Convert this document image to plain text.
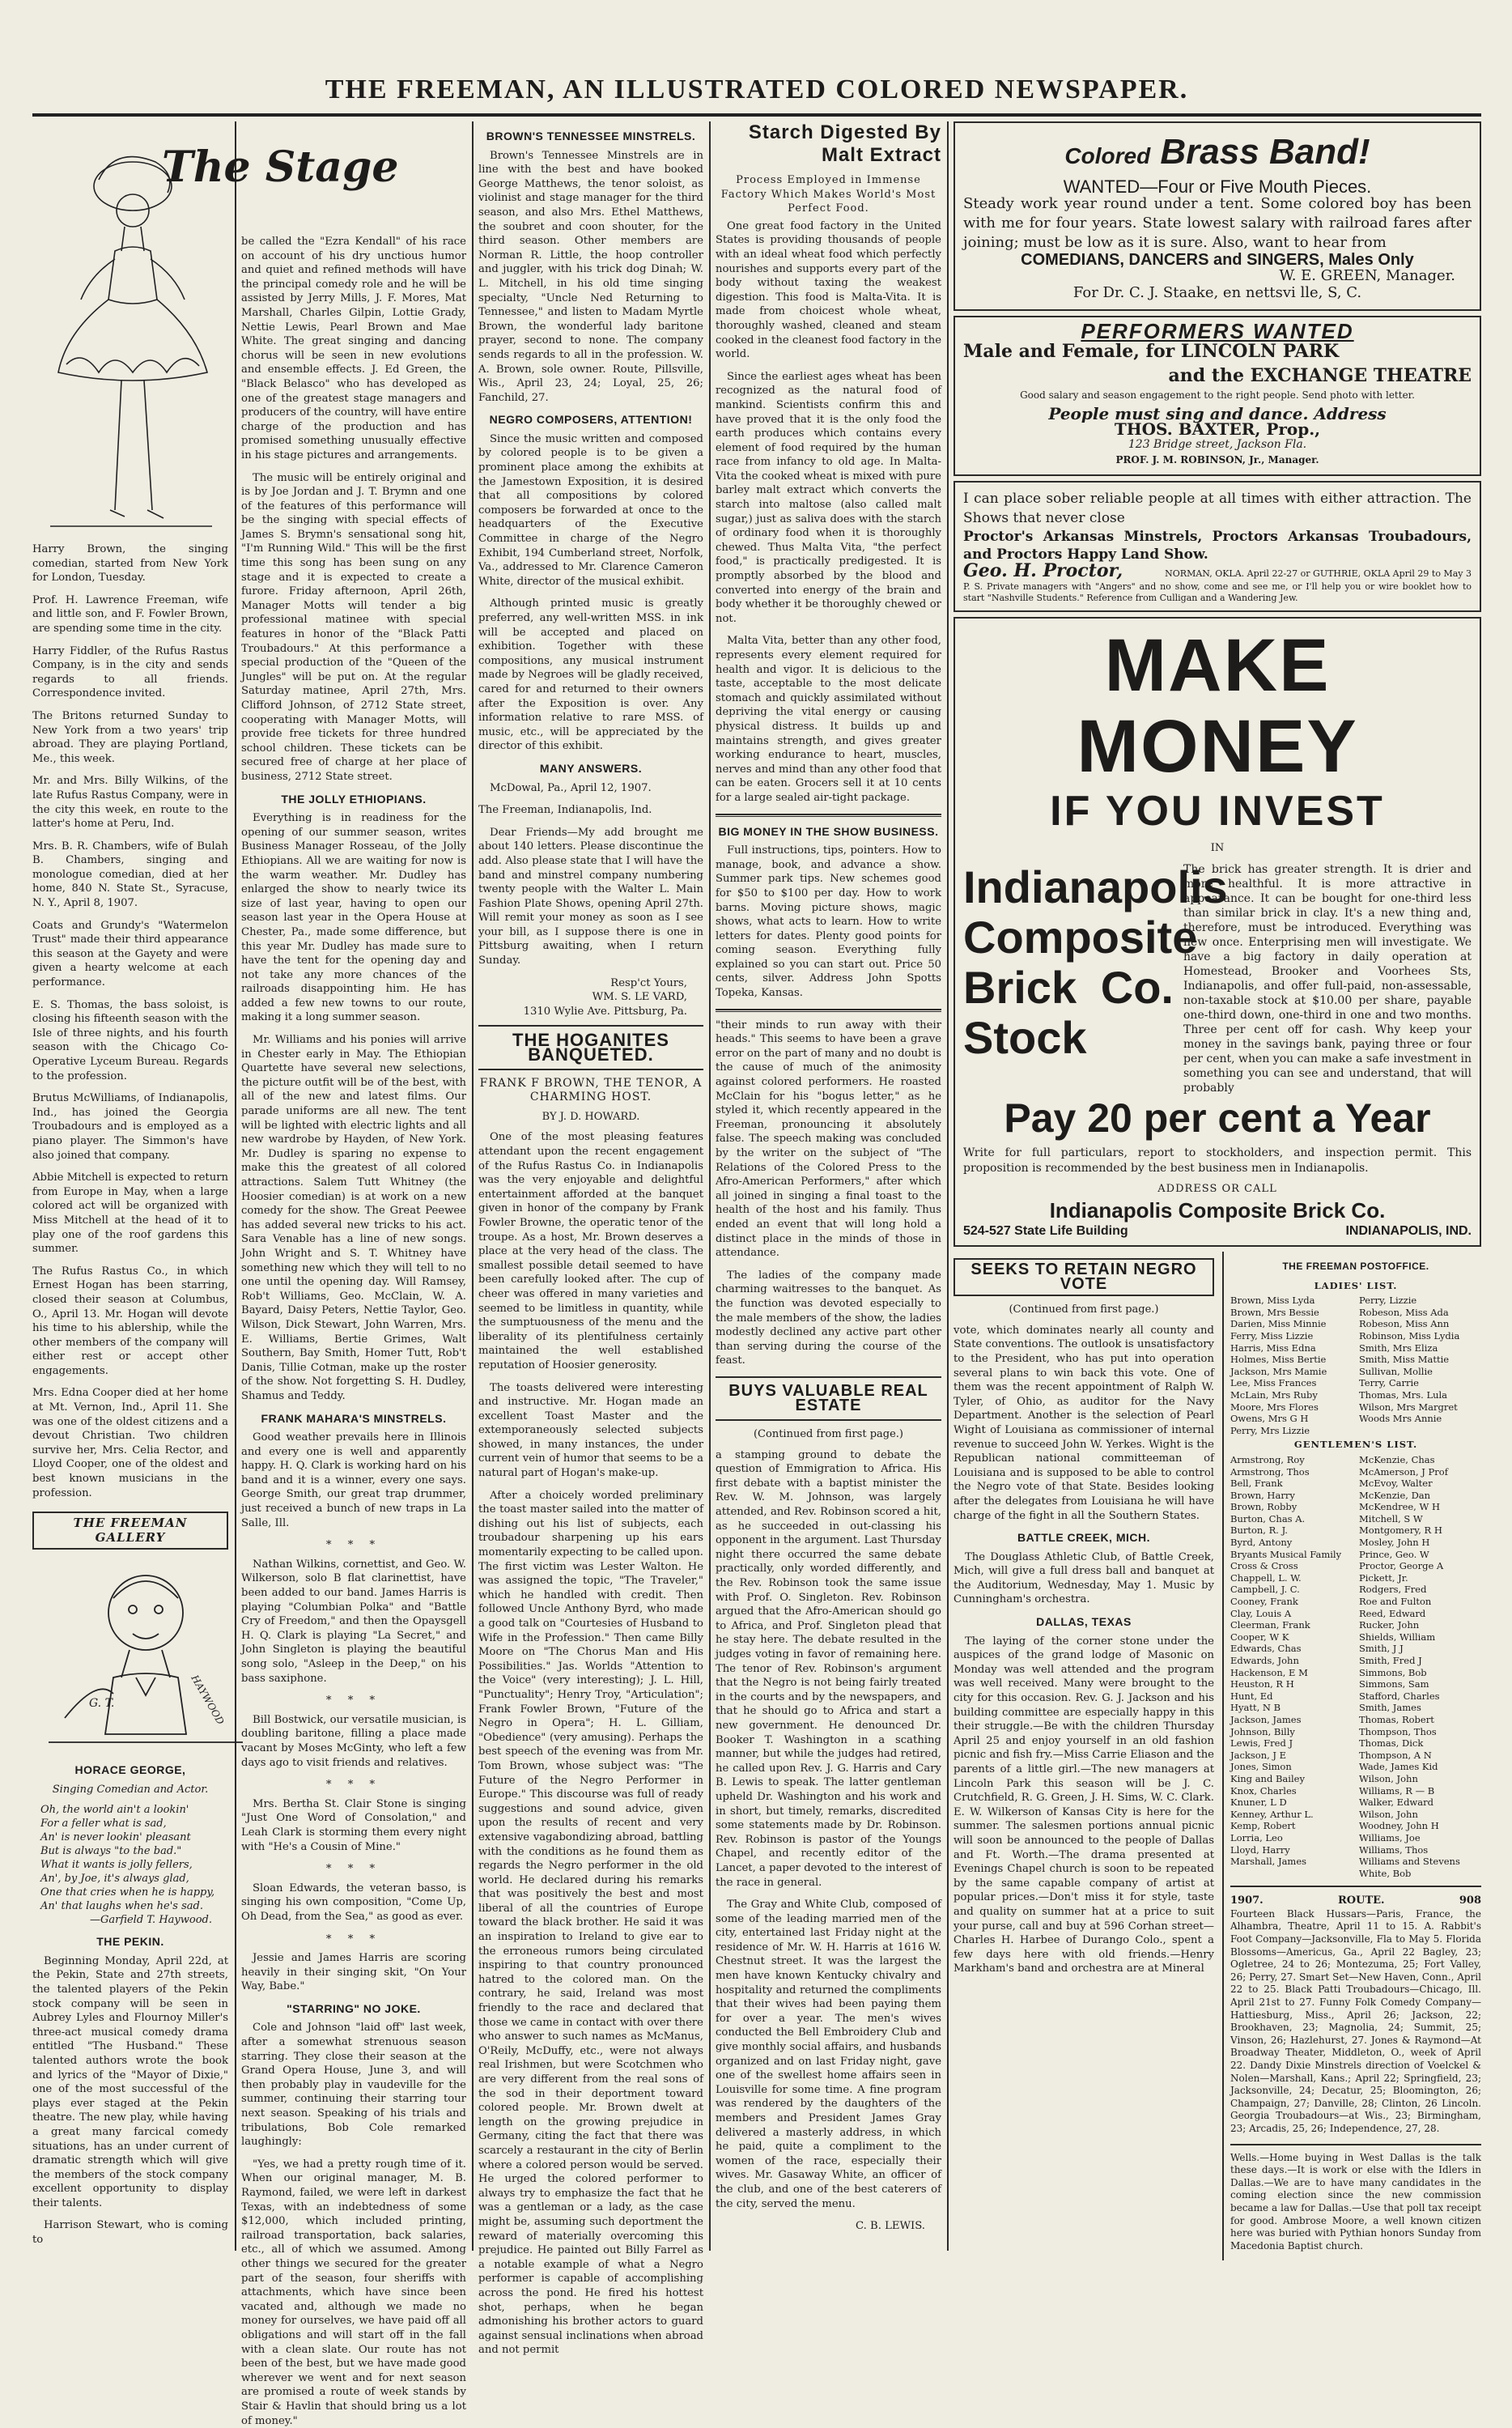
THE FREEMAN, AN ILLUSTRATED COLORED NEWSPAPER.
The Stage

Harry Brown, the singing comedian, started from New York for London, Tuesday.

Prof. H. Lawrence Freeman, wife and little son, and F. Fowler Brown, are spending some time in the city.

Harry Fiddler, of the Rufus Rastus Company, is in the city and sends regards to all friends. Correspondence invited.

The Britons returned Sunday to New York from a two years' trip abroad. They are playing Portland, Me., this week.

Mr. and Mrs. Billy Wilkins, of the late Rufus Rastus Company, were in the city this week, en route to the latter's home at Peru, Ind.

Mrs. B. R. Chambers, wife of Bulah B. Chambers, singing and monologue comedian, died at her home, 840 N. State St., Syracuse, N. Y., April 8, 1907.

Coats and Grundy's "Watermelon Trust" made their third appearance this season at the Gayety and were given a hearty welcome at each performance.

E. S. Thomas, the bass soloist, is closing his fifteenth season with the Isle of three nights, and his fourth season with the Chicago Co-Operative Lyceum Bureau. Regards to the profession.

Brutus McWilliams, of Indianapolis, Ind., has joined the Georgia Troubadours and is employed as a piano player. The Simmon's have also joined that company.

Abbie Mitchell is expected to return from Europe in May, when a large colored act will be organized with Miss Mitchell at the head of it to play one of the roof gardens this summer.

The Rufus Rastus Co., in which Ernest Hogan has been starring, closed their season at Columbus, O., April 13. Mr. Hogan will devote his time to his ablership, while the other members of the company will either rest or accept other engagements.

Mrs. Edna Cooper died at her home at Mt. Vernon, Ind., April 11. She was one of the oldest citizens and a devout Christian. Two children survive her, Mrs. Celia Rector, and Lloyd Cooper, one of the oldest and best known musicians in the profession.

THE FREEMAN GALLERY
G. T.	HAYWOOD
HORACE GEORGE,
Singing Comedian and Actor.
Oh, the world ain't a lookin'
For a feller what is sad,
An' is never lookin' pleasant
But is always "to the bad."
What it wants is jolly fellers,
An', by Joe, it's always glad,
One that cries when he is happy,
An' that laughs when he's sad.
—Garfield T. Haywood.
THE PEKIN.

Beginning Monday, April 22d, at the Pekin, State and 27th streets, the talented players of the Pekin stock company will be seen in Aubrey Lyles and Flournoy Miller's three-act musical comedy drama entitled "The Husband." These talented authors wrote the book and lyrics of the "Mayor of Dixie," one of the most successful of the plays ever staged at the Pekin theatre. The new play, while having a great many farcical comedy situations, has an under current of dramatic strength which will give the members of the stock company excellent opportunity to display their talents.

Harrison Stewart, who is coming to

be called the "Ezra Kendall" of his race on account of his dry unctious humor and quiet and refined methods will have the principal comedy role and he will be assisted by Jerry Mills, J. F. Mores, Mat Marshall, Charles Gilpin, Lottie Grady, Nettie Lewis, Pearl Brown and Mae White. The great singing and dancing chorus will be seen in new evolutions and ensemble effects. J. Ed Green, the "Black Belasco" who has developed as one of the greatest stage managers and producers of the country, will have entire charge of the production and has promised something unusually effective in his stage pictures and arrangements.

The music will be entirely original and is by Joe Jordan and J. T. Brymn and one of the features of this performance will be the singing with special effects of James S. Brymn's sensational song hit, "I'm Running Wild." This will be the first time this song has been sung on any stage and it is expected to create a furore. Friday afternoon, April 26th, Manager Motts will tender a big professional matinee with special features in honor of the "Black Patti Troubadours." At this performance a special production of the "Queen of the Jungles" will be put on. At the regular Saturday matinee, April 27th, Mrs. Clifford Johnson, of 2712 State street, cooperating with Manager Motts, will provide free tickets for three hundred school children. These tickets can be secured free of charge at her place of business, 2712 State street.

THE JOLLY ETHIOPIANS.

Everything is in readiness for the opening of our summer season, writes Business Manager Rosseau, of the Jolly Ethiopians. All we are waiting for now is the warm weather. Mr. Dudley has enlarged the show to nearly twice its size of last year, having to open our season last year in the Opera House at Chester, Pa., made some difference, but this year Mr. Dudley has made sure to have the tent for the opening day and not take any more chances of the railroads disappointing him. He has added a few new towns to our route, making it a long summer season.

Mr. Williams and his ponies will arrive in Chester early in May. The Ethiopian Quartette have several new selections, the picture outfit will be of the best, with all of the new and latest films. Our parade uniforms are all new. The tent will be lighted with electric lights and all new wardrobe by Hayden, of New York. Mr. Dudley is sparing no expense to make this the greatest of all colored attractions. Salem Tutt Whitney (the Hoosier comedian) is at work on a new comedy for the show. The Great Peewee has added several new tricks to his act. Sara Venable has a line of new songs. John Wright and S. T. Whitney have something new which they will tell to no one until the opening day. Will Ramsey, Rob't Williams, Geo. McClain, W. A. Bayard, Daisy Peters, Nettie Taylor, Geo. Wilson, Dick Stewart, John Warren, Mrs. E. Williams, Bertie Grimes, Walt Southern, Bay Smith, Homer Tutt, Rob't Danis, Tillie Cotman, make up the roster of the show. Not forgetting S. H. Dudley, Shamus and Teddy.

FRANK MAHARA'S MINSTRELS.

Good weather prevails here in Illinois and every one is well and apparently happy. H. Q. Clark is working hard on his band and it is a winner, every one says. George Smith, our great trap drummer, just received a bunch of new traps in La Salle, Ill.

* * *

Nathan Wilkins, cornettist, and Geo. W. Wilkerson, solo B flat clarinettist, have been added to our band. James Harris is playing "Columbian Polka" and "Battle Cry of Freedom," and then the Opaysgell H. Q. Clark is playing "La Secret," and John Singleton is playing the beautiful song solo, "Asleep in the Deep," on his bass saxiphone.

* * *

Bill Bostwick, our versatile musician, is doubling baritone, filling a place made vacant by Moses McGinty, who left a few days ago to visit friends and relatives.

* * *

Mrs. Bertha St. Clair Stone is singing "Just One Word of Consolation," and Leah Clark is storming them every night with "He's a Cousin of Mine."

* * *

Sloan Edwards, the veteran basso, is singing his own composition, "Come Up, Oh Dead, from the Sea," as good as ever.

* * *

Jessie and James Harris are scoring heavily in their singing skit, "On Your Way, Babe."

"STARRING" NO JOKE.

Cole and Johnson "laid off" last week, after a somewhat strenuous season starring. They close their season at the Grand Opera House, June 3, and will then probably play in vaudeville for the summer, continuing their starring tour next season. Speaking of his trials and tribulations, Bob Cole remarked laughingly:

"Yes, we had a pretty rough time of it. When our original manager, M. B. Raymond, failed, we were left in darkest Texas, with an indebtedness of some $12,000, which included printing, railroad transportation, back salaries, etc., all of which we assumed. Among other things we secured for the greater part of the season, four sheriffs with attachments, which have since been vacated and, although we made no money for ourselves, we have paid off all obligations and will start off in the fall with a clean slate. Our route has not been of the best, but we have made good wherever we went and for next season are promised a route of week stands by Stair & Havlin that should bring us a lot of money."

BROWN'S TENNESSEE MINSTRELS.

Brown's Tennessee Minstrels are in line with the best and have booked George Matthews, the tenor soloist, as violinist and stage manager for the third season, and also Mrs. Ethel Matthews, the soubret and coon shouter, for the third season. Other members are Norman R. Little, the hoop controller and juggler, with his trick dog Dinah; W. L. Mitchell, in his old time singing specialty, "Uncle Ned Returning to Tennessee," and listen to Madam Myrtle Brown, the wonderful lady baritone prayer, second to none. The company sends regards to all in the profession. W. A. Brown, sole owner. Route, Pillsville, Wis., April 23, 24; Loyal, 25, 26; Fanchild, 27.

NEGRO COMPOSERS, ATTENTION!

Since the music written and composed by colored people is to be given a prominent place among the exhibits at the Jamestown Exposition, it is desired that all compositions by colored composers be forwarded at once to the headquarters of the Executive Committee in charge of the Negro Exhibit, 194 Cumberland street, Norfolk, Va., addressed to Mr. Clarence Cameron White, director of the musical exhibit.

Although printed music is greatly preferred, any well-written MSS. in ink will be accepted and placed on exhibition. Together with these compositions, any musical instrument made by Negroes will be gladly received, cared for and returned to their owners after the Exposition is over. Any information relative to rare MSS. of music, etc., will be appreciated by the director of this exhibit.

MANY ANSWERS.

McDowal, Pa., April 12, 1907.

The Freeman, Indianapolis, Ind.

Dear Friends—My add brought me about 140 letters. Please discontinue the add. Also please state that I will have the band and minstrel company numbering twenty people with the Walter L. Main Fashion Plate Shows, opening April 27th. Will remit your money as soon as I see your bill, as I suppose there is one in Pittsburg awaiting, when I return Sunday.

Resp'ct Yours,
WM. S. LE VARD,
1310 Wylie Ave. Pittsburg, Pa.
THE HOGANITES BANQUETED.
FRANK F BROWN, THE TENOR, A CHARMING HOST.
BY J. D. HOWARD.

One of the most pleasing features attendant upon the recent engagement of the Rufus Rastus Co. in Indianapolis was the very enjoyable and delightful entertainment afforded at the banquet given in honor of the company by Frank Fowler Browne, the operatic tenor of the troupe. As a host, Mr. Brown deserves a place at the very head of the class. The smallest possible detail seemed to have been carefully looked after. The cup of cheer was offered in many varieties and seemed to be limitless in quantity, while the sumptuousness of the menu and the liberality of its plentifulness certainly maintained the well established reputation of Hoosier generosity.

The toasts delivered were interesting and instructive. Mr. Hogan made an excellent Toast Master and the extemporaneously selected subjects showed, in many instances, the under current vein of humor that seems to be a natural part of Hogan's make-up.

After a choicely worded preliminary the toast master sailed into the matter of dishing out his list of subjects, each troubadour sharpening up his ears momentarily expecting to be called upon. The first victim was Lester Walton. He was assigned the topic, "The Traveler," which he handled with credit. Then followed Uncle Anthony Byrd, who made a good talk on "Courtesies of Husband to Wife in the Profession." Then came Billy Moore on "The Chorus Man and His Possibilities." Jas. Worlds "Attention to the Voice" (very interesting); J. L. Hill, "Punctuality"; Henry Troy, "Articulation"; Frank Fowler Brown, "Future of the Negro in Opera"; H. L. Gilliam, "Obedience" (very amusing). Perhaps the best speech of the evening was from Mr. Tom Brown, whose subject was: "The Future of the Negro Performer in Europe." This discourse was full of ready suggestions and sound advice, given upon the results of recent and very extensive vagabondizing abroad, battling with the conditions as he found them as regards the Negro performer in the old world. He declared during his remarks that was positively the best and most liberal of all the countries of Europe toward the black brother. He said it was an inspiration to Ireland to give ear to the erroneous rumors being circulated inspiring to that country pronounced hatred to the colored man. On the contrary, he said, Ireland was most friendly to the race and declared that those we came in contact with over there who answer to such names as McManus, O'Reily, McDuffy, etc., were not always real Irishmen, but were Scotchmen who are very different from the real sons of the sod in their deportment toward colored people. Mr. Brown dwelt at length on the growing prejudice in Germany, citing the fact that there was scarcely a restaurant in the city of Berlin where a colored person would be served. He urged the colored performer to always try to emphasize the fact that he was a gentleman or a lady, as the case might be, assuming such deportment the reward of materially overcoming this prejudice. He painted out Billy Farrel as a notable example of what a Negro performer is capable of accomplishing across the pond. He fired his hottest shot, perhaps, when he began admonishing his brother actors to guard against sensual inclinations when abroad and not permit

Starch Digested By Malt Extract
Process Employed in Immense Factory Which Makes World's Most Perfect Food.

One great food factory in the United States is providing thousands of people with an ideal wheat food which perfectly nourishes and supports every part of the body without taxing the weakest digestion. This food is Malta-Vita. It is made from choicest whole wheat, thoroughly washed, cleaned and steam cooked in the cleanest food factory in the world.

Since the earliest ages wheat has been recognized as the natural food of mankind. Scientists confirm this and have proved that it is the only food the earth produces which contains every element of food required by the human race from infancy to old age. In Malta-Vita the cooked wheat is mixed with pure barley malt extract which converts the starch into maltose (also called malt sugar,) just as saliva does with the starch of ordinary food when it is thoroughly chewed. Thus Malta Vita, "the perfect food," is practically predigested. It is promptly absorbed by the blood and converted into energy of the brain and body whether it be thoroughly chewed or not.

Malta Vita, better than any other food, represents every element required for health and vigor. It is delicious to the taste, acceptable to the most delicate stomach and quickly assimilated without depriving the vital energy or causing physical distress. It builds up and maintains strength, and gives greater working endurance to heart, muscles, nerves and mind than any other food that can be eaten. Grocers sell it at 10 cents for a large sealed air-tight package.

BIG MONEY IN THE SHOW BUSINESS.

Full instructions, tips, pointers. How to manage, book, and advance a show. Summer park tips. New schemes good for $50 to $100 per day. How to work barns. Moving picture shows, magic shows, what acts to learn. How to write letters for dates. Plenty good points for coming season. Everything fully explained so you can start out. Price 50 cents, silver. Address John Spotts Topeka, Kansas.

"their minds to run away with their heads." This seems to have been a grave error on the part of many and no doubt is the cause of much of the animosity against colored performers. He roasted McClain for his "bogus letter," as he styled it, which recently appeared in the Freeman, pronouncing it absolutely false. The speech making was concluded by the writer on the subject of "The Relations of the Colored Press to the Afro-American Performers," after which all joined in singing a final toast to the health of the host and his family. Thus ended an event that will long hold a distinct place in the minds of those in attendance.

The ladies of the company made charming waitresses to the banquet. As the function was devoted especially to the male members of the show, the ladies modestly declined any active part other than serving during the course of the feast.

BUYS VALUABLE REAL ESTATE
(Continued from first page.)

a stamping ground to debate the question of Emmigration to Africa. His first debate with a baptist minister the Rev. W. M. Johnson, was largely attended, and Rev. Robinson scored a hit, as he succeeded in out-classing his opponent in the argument. Last Thursday night there occurred the same debate practically, only worded differently, and the Rev. Robinson took the same issue with Prof. O. Singleton. Rev. Robinson argued that the Afro-American should go to Africa, and Prof. Singleton plead that he stay here. The debate resulted in the judges voting in favor of remaining here. The tenor of Rev. Robinson's argument that the Negro is not being fairly treated in the courts and by the newspapers, and that he should go to Africa and start a new government. He denounced Dr. Booker T. Washington in a scathing manner, but while the judges had retired, he called upon Rev. J. G. Harris and Cary B. Lewis to speak. The latter gentleman upheld Dr. Washington and his work and in short, but timely, remarks, discredited some statements made by Dr. Robinson. Rev. Robinson is pastor of the Youngs Chapel, and recently editor of the Lancet, a paper devoted to the interest of the race in general.

The Gray and White Club, composed of some of the leading married men of the city, entertained last Friday night at the residence of Mr. W. H. Harris at 1616 W. Chestnut street. It was the largest the men have known Kentucky chivalry and hospitality and returned the compliments that their wives had been paying them for over a year. The men's wives conducted the Bell Embroidery Club and give monthly social affairs, and husbands organized and on last Friday night, gave one of the swellest home affairs seen in Louisville for some time. A fine program was rendered by the daughters of the members and President James Gray delivered a masterly address, in which he paid, quite a compliment to the women of the race, especially their wives. Mr. Gasaway White, an officer of the club, and one of the best caterers of the city, served the menu.

C. B. LEWIS.
Colored Brass Band!
WANTED—Four or Five Mouth Pieces.
Steady work year round under a tent. Some colored boy has been with me for four years. State lowest salary with railroad fares after joining; must be low as it is sure. Also, want to hear from
COMEDIANS, DANCERS and SINGERS, Males Only
W. E. GREEN, Manager.
For Dr. C. J. Staake, en nettsvi lle, S, C.
PERFORMERS WANTED
Male and Female, for LINCOLN PARK
and the EXCHANGE THEATRE
Good salary and season engagement to the right people. Send photo with letter.
People must sing and dance. Address
THOS. BAXTER, Prop.,
123 Bridge street, Jackson Fla.
PROF. J. M. ROBINSON, Jr., Manager.
I can place sober reliable people at all times with either attraction. The Shows that never close
Proctor's Arkansas Minstrels, Proctors Arkansas Troubadours, and Proctors Happy Land Show.
Geo. H. Proctor,	NORMAN, OKLA. April 22-27 or GUTHRIE, OKLA April 29 to May 3
P. S. Private managers with "Angers" and no show, come and see me, or I'll help you or wire booklet how to start "Nashville Students." Reference from Culligan and a Wandering Jew.
MAKE MONEY
IF YOU INVEST
IN
Indianapolis Composite Brick Co. Stock
The brick has greater strength. It is drier and more healthful. It is more attractive in appearance. It can be bought for one-third less than similar brick in clay. It's a new thing and, therefore, must be introduced. Everything was new once. Enterprising men will investigate. We have a big factory in daily operation at Homestead, Brooker and Voorhees Sts, Indianapolis, and offer full-paid, non-assessable, non-taxable stock at $10.00 per share, payable one-third down, one-third in one and two months. Three per cent off for cash. Why keep your money in the savings bank, paying three or four per cent, when you can make a safe investment in something you can see and understand, that will probably
Pay 20 per cent a Year
Write for full particulars, report to stockholders, and inspection permit. This proposition is recommended by the best business men in Indianapolis.
ADDRESS OR CALL
Indianapolis Composite Brick Co.
524-527 State Life Building	INDIANAPOLIS, IND.
SEEKS TO RETAIN NEGRO VOTE
(Continued from first page.)

vote, which dominates nearly all county and State conventions. The outlook is unsatisfactory to the President, who has put into operation several plans to win back this vote. One of them was the recent appointment of Ralph W. Tyler, of Ohio, as auditor for the Navy Department. Another is the selection of Pearl Wight of Louisiana as commissioner of internal revenue to succeed John W. Yerkes. Wight is the Republican national committeeman of Louisiana and is supposed to be able to control the Negro vote of that State. Besides looking after the delegates from Louisiana he will have charge of the fight in all the Southern States.

BATTLE CREEK, MICH.

The Douglass Athletic Club, of Battle Creek, Mich, will give a full dress ball and banquet at the Auditorium, Wednesday, May 1. Music by Cunningham's orchestra.

DALLAS, TEXAS

The laying of the corner stone under the auspices of the grand lodge of Masonic on Monday was well attended and the program was well received. Many were brought to the city for this occasion. Rev. G. J. Jackson and his building committee are especially happy in this their struggle.—Be with the children Thursday April 25 and enjoy yourself in an old fashion picnic and fish fry.—Miss Carrie Eliason and the parents of a little girl.—The new managers at Lincoln Park this season will be J. C. Crutchfield, R. G. Green, J. H. Sims, W. C. Clark. E. W. Wilkerson of Kansas City is here for the summer. The salesmen portions annual picnic will soon be announced to the people of Dallas and Ft. Worth.—The drama presented at Evenings Chapel church is soon to be repeated by the same capable company of artist at popular prices.—Don't miss it for style, taste and quality on summer hat at a price to suit your purse, call and buy at 596 Corhan street—Charles H. Harbee of Durango Colo., spent a few days here with old friends.—Henry Markham's band and orchestra are at Mineral

THE FREEMAN POSTOFFICE.
LADIES' LIST.
Brown, Miss Lyda
Brown, Mrs Bessie
Darien, Miss Minnie
Ferry, Miss Lizzie
Harris, Miss Edna
Holmes, Miss Bertie
Jackson, Mrs Mamie
Lee, Miss Frances
McLain, Mrs Ruby
Moore, Mrs Flores
Owens, Mrs G H
Perry, Mrs Lizzie
Perry, Lizzie
Robeson, Miss Ada
Robeson, Miss Ann
Robinson, Miss Lydia
Smith, Mrs Eliza
Smith, Miss Mattie
Sullivan, Mollie
Terry, Carrie
Thomas, Mrs. Lula
Wilson, Mrs Margret
Woods Mrs Annie
GENTLEMEN'S LIST.
Armstrong, Roy
Armstrong, Thos
Bell, Frank
Brown, Harry
Brown, Robby
Burton, Chas A.
Burton, R. J.
Byrd, Antony
Bryants Musical Family
Cross & Cross
Chappell, L. W.
Campbell, J. C.
Cooney, Frank
Clay, Louis A
Cleerman, Frank
Cooper, W K
Edwards, Chas
Edwards, John
Hackenson, E M
Heuston, R H
Hunt, Ed
Hyatt, N B
Jackson, James
Johnson, Billy
Lewis, Fred J
Jackson, J E
Jones, Simon
King and Bailey
Knox, Charles
Knuner, L D
Kenney, Arthur L.
Kemp, Robert
Lorria, Leo
Lloyd, Harry
Marshall, James
McKenzie, Chas
McAmerson, J Prof
McEvoy, Walter
McKenzie, Dan
McKendree, W H
Mitchell, S W
Montgomery, R H
Mosley, John H
Prince, Geo. W
Proctor, George A
Pickett, Jr.
Rodgers, Fred
Roe and Fulton
Reed, Edward
Rucker, John
Shields, William
Smith, J J
Smith, Fred J
Simmons, Bob
Simmons, Sam
Stafford, Charles
Smith, James
Thomas, Robert
Thompson, Thos
Thomas, Dick
Thompson, A N
Wade, James Kid
Wilson, John
Williams, R — B
Walker, Edward
Wilson, John
Woodney, John H
Williams, Joe
Williams, Thos
Williams and Stevens
White, Bob
1907.	ROUTE.	908

Fourteen Black Hussars—Paris, France, the Alhambra, Theatre, April 11 to 15. A. Rabbit's Foot Company—Jacksonville, Fla to May 5. Florida Blossoms—Americus, Ga., April 22 Bagley, 23; Ogletree, 24 to 26; Montezuma, 25; Fort Valley, 26; Perry, 27. Smart Set—New Haven, Conn., April 22 to 25. Black Patti Troubadours—Chicago, Ill. April 21st to 27. Funny Folk Comedy Company—Hattiesburg, Miss., April 26; Jackson, 22; Brookhaven, 23; Magnolia, 24; Summit, 25; Vinson, 26; Hazlehurst, 27. Jones & Raymond—At Broadway Theater, Middleton, O., week of April 22. Dandy Dixie Minstrels direction of Voelckel & Nolen—Marshall, Kans.; April 22; Springfield, 23; Jacksonville, 24; Decatur, 25; Bloomington, 26; Champaign, 27; Danville, 28; Clinton, 26 Lincoln. Georgia Troubadours—at Wis., 23; Birmingham, 23; Arcadis, 25, 26; Independence, 27, 28.

Wells.—Home buying in West Dallas is the talk these days.—It is work or else with the Idlers in Dallas.—We are to have many candidates in the coming election since the new commission became a law for Dallas.—Use that poll tax receipt for good. Ambrose Moore, a well known citizen here was buried with Pythian honors Sunday from Macedonia Baptist church.
